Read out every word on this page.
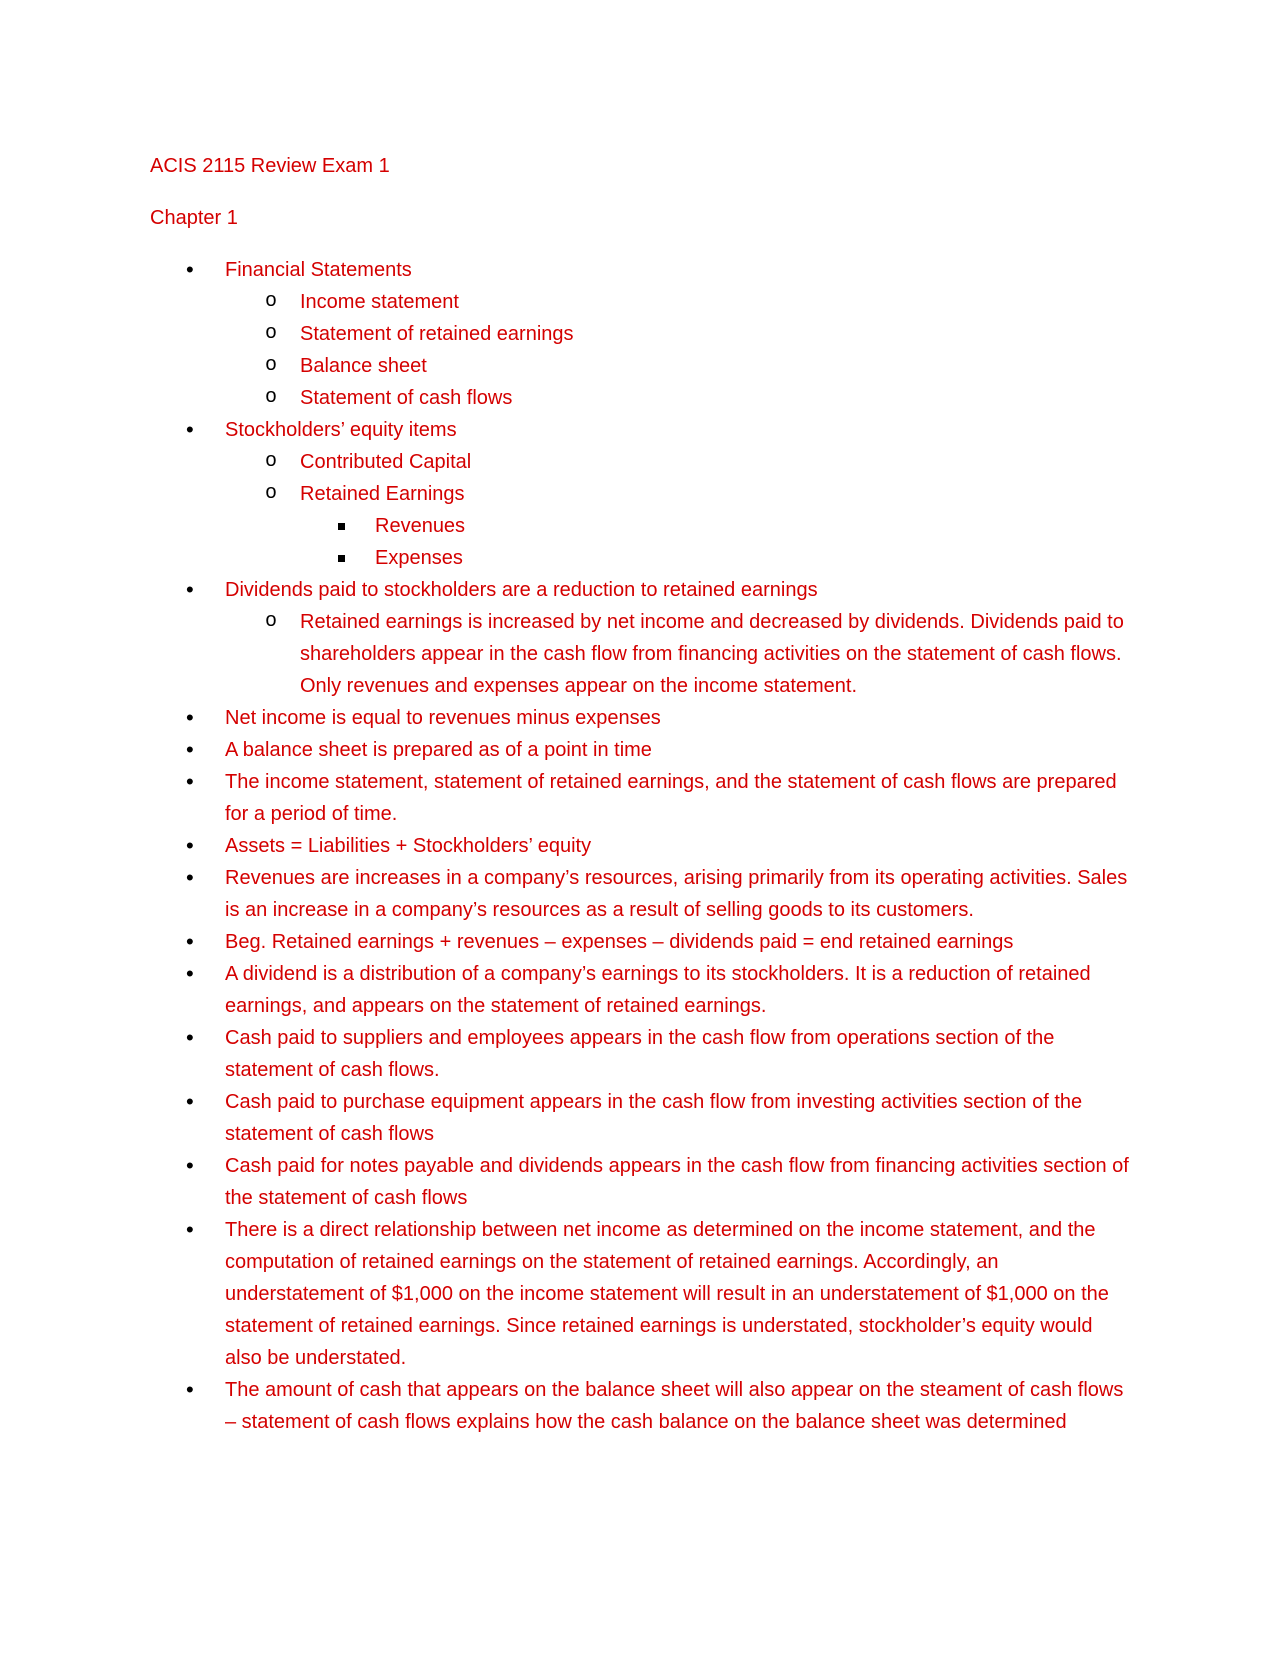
ACIS 2115 Review Exam 1

Chapter 1

• Financial Statements
o Income statement
o Statement of retained earnings
o Balance sheet
o Statement of cash flows
• Stockholders’ equity items
o Contributed Capital
o Retained Earnings
Revenues
Expenses
• Dividends paid to stockholders are a reduction to retained earnings
o Retained earnings is increased by net income and decreased by dividends. Dividends paid to shareholders appear in the cash flow from financing activities on the statement of cash flows. Only revenues and expenses appear on the income statement.
• Net income is equal to revenues minus expenses
• A balance sheet is prepared as of a point in time
• The income statement, statement of retained earnings, and the statement of cash flows are prepared for a period of time.
• Assets = Liabilities + Stockholders’ equity
• Revenues are increases in a company’s resources, arising primarily from its operating activities. Sales is an increase in a company’s resources as a result of selling goods to its customers.
• Beg. Retained earnings + revenues – expenses – dividends paid = end retained earnings
• A dividend is a distribution of a company’s earnings to its stockholders. It is a reduction of retained earnings, and appears on the statement of retained earnings.
• Cash paid to suppliers and employees appears in the cash flow from operations section of the statement of cash flows.
• Cash paid to purchase equipment appears in the cash flow from investing activities section of the statement of cash flows
• Cash paid for notes payable and dividends appears in the cash flow from financing activities section of the statement of cash flows
• There is a direct relationship between net income as determined on the income statement, and the computation of retained earnings on the statement of retained earnings. Accordingly, an understatement of $1,000 on the income statement will result in an understatement of $1,000 on the statement of retained earnings. Since retained earnings is understated, stockholder’s equity would also be understated.
• The amount of cash that appears on the balance sheet will also appear on the steament of cash flows – statement of cash flows explains how the cash balance on the balance sheet was determined
